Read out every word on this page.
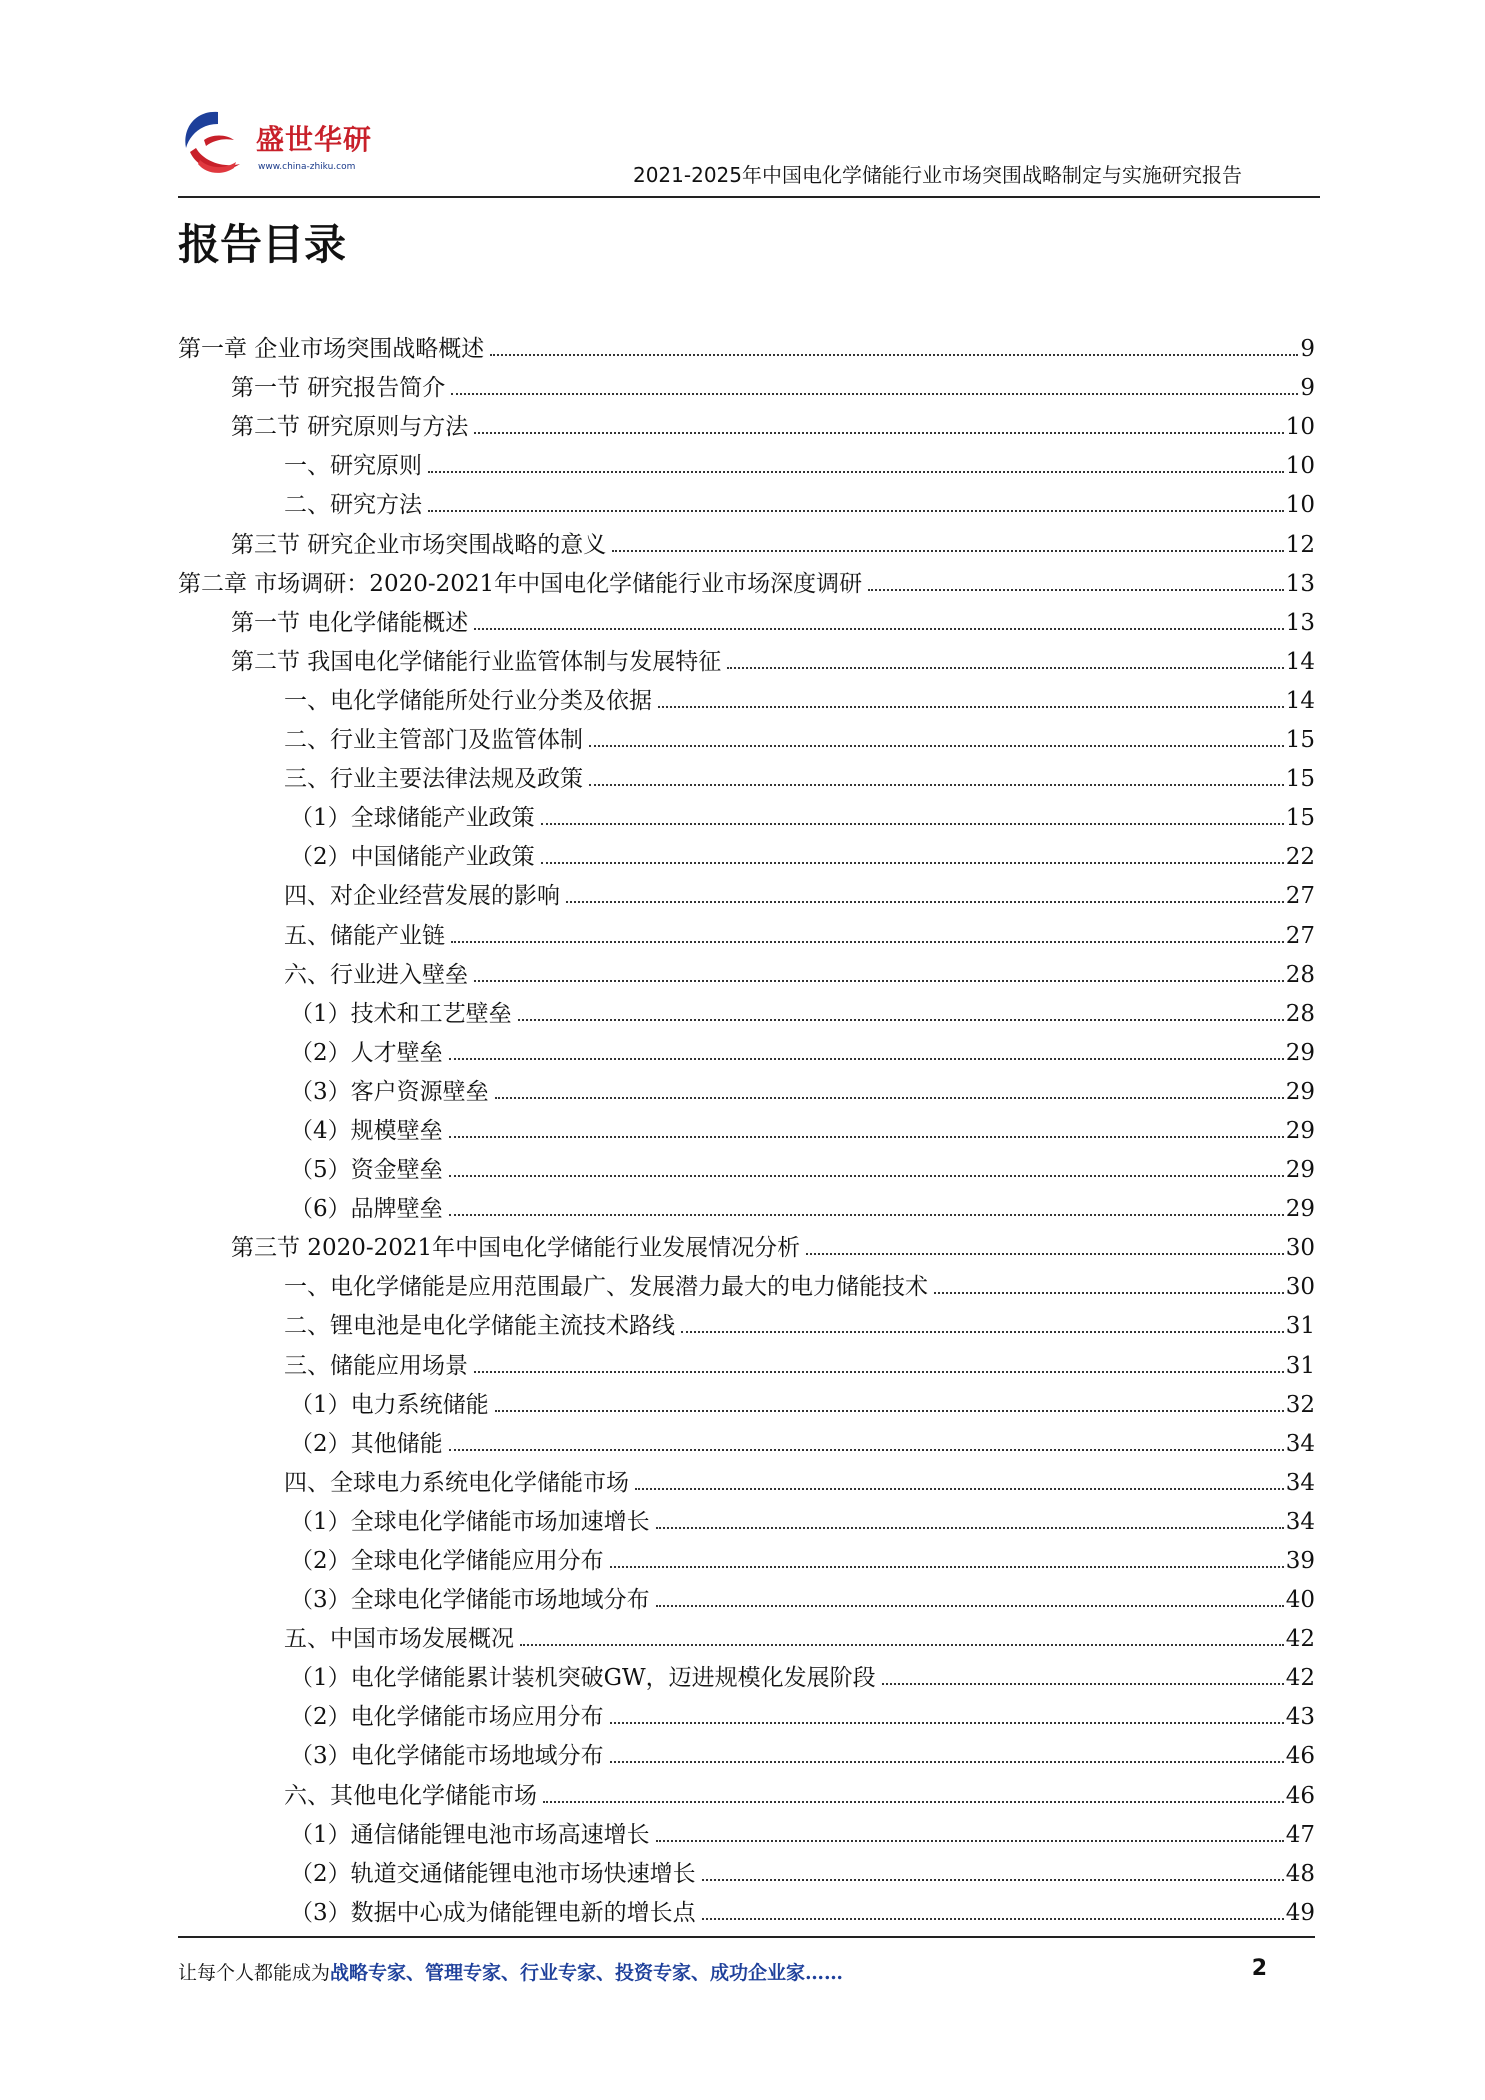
盛世华研
www.china-zhiku.com	2021-2025年中国电化学储能行业市场突围战略制定与实施研究报告
报告目录
第一章 企业市场突围战略概述	9
第一节 研究报告简介	9
第二节 研究原则与方法	10
一、研究原则	10
二、研究方法	10
第三节 研究企业市场突围战略的意义	12
第二章 市场调研：2020-2021年中国电化学储能行业市场深度调研	13
第一节 电化学储能概述	13
第二节 我国电化学储能行业监管体制与发展特征	14
一、电化学储能所处行业分类及依据	14
二、行业主管部门及监管体制	15
三、行业主要法律法规及政策	15
（1）全球储能产业政策	15
（2）中国储能产业政策	22
四、对企业经营发展的影响	27
五、储能产业链	27
六、行业进入壁垒	28
（1）技术和工艺壁垒	28
（2）人才壁垒	29
（3）客户资源壁垒	29
（4）规模壁垒	29
（5）资金壁垒	29
（6）品牌壁垒	29
第三节 2020-2021年中国电化学储能行业发展情况分析	30
一、电化学储能是应用范围最广、发展潜力最大的电力储能技术	30
二、锂电池是电化学储能主流技术路线	31
三、储能应用场景	31
（1）电力系统储能	32
（2）其他储能	34
四、全球电力系统电化学储能市场	34
（1）全球电化学储能市场加速增长	34
（2）全球电化学储能应用分布	39
（3）全球电化学储能市场地域分布	40
五、中国市场发展概况	42
（1）电化学储能累计装机突破GW，迈进规模化发展阶段	42
（2）电化学储能市场应用分布	43
（3）电化学储能市场地域分布	46
六、其他电化学储能市场	46
（1）通信储能锂电池市场高速增长	47
（2）轨道交通储能锂电池市场快速增长	48
（3）数据中心成为储能锂电新的增长点	49
让每个人都能成为战略专家、管理专家、行业专家、投资专家、成功企业家……	2
